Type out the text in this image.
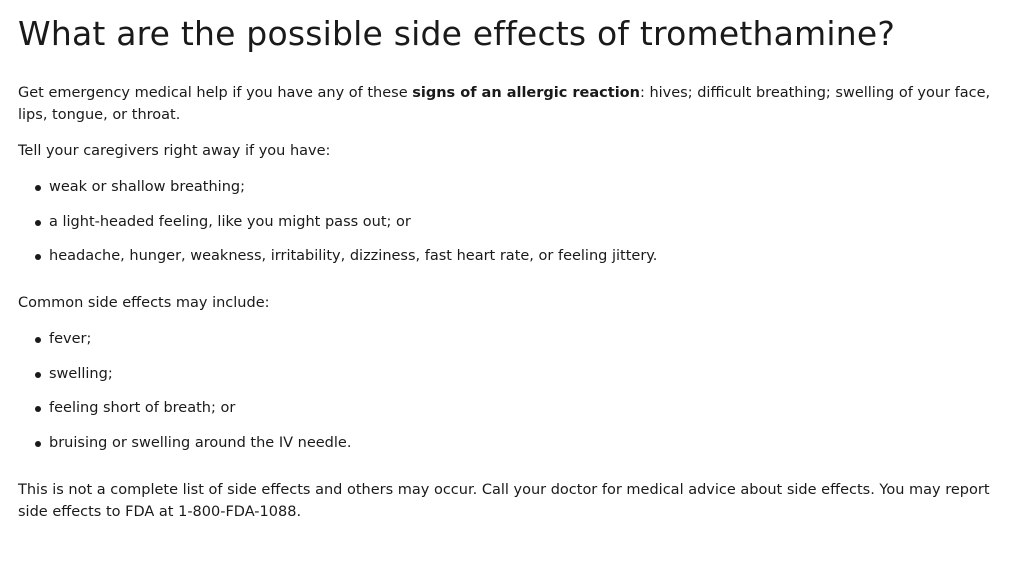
What are the possible side effects of tromethamine?

Get emergency medical help if you have any of these signs of an allergic reaction: hives; difficult breathing; swelling of your face, lips, tongue, or throat.

Tell your caregivers right away if you have:

weak or shallow breathing;
a light-headed feeling, like you might pass out; or
headache, hunger, weakness, irritability, dizziness, fast heart rate, or feeling jittery.

Common side effects may include:

fever;
swelling;
feeling short of breath; or
bruising or swelling around the IV needle.

This is not a complete list of side effects and others may occur. Call your doctor for medical advice about side effects. You may report side effects to FDA at 1-800-FDA-1088.
